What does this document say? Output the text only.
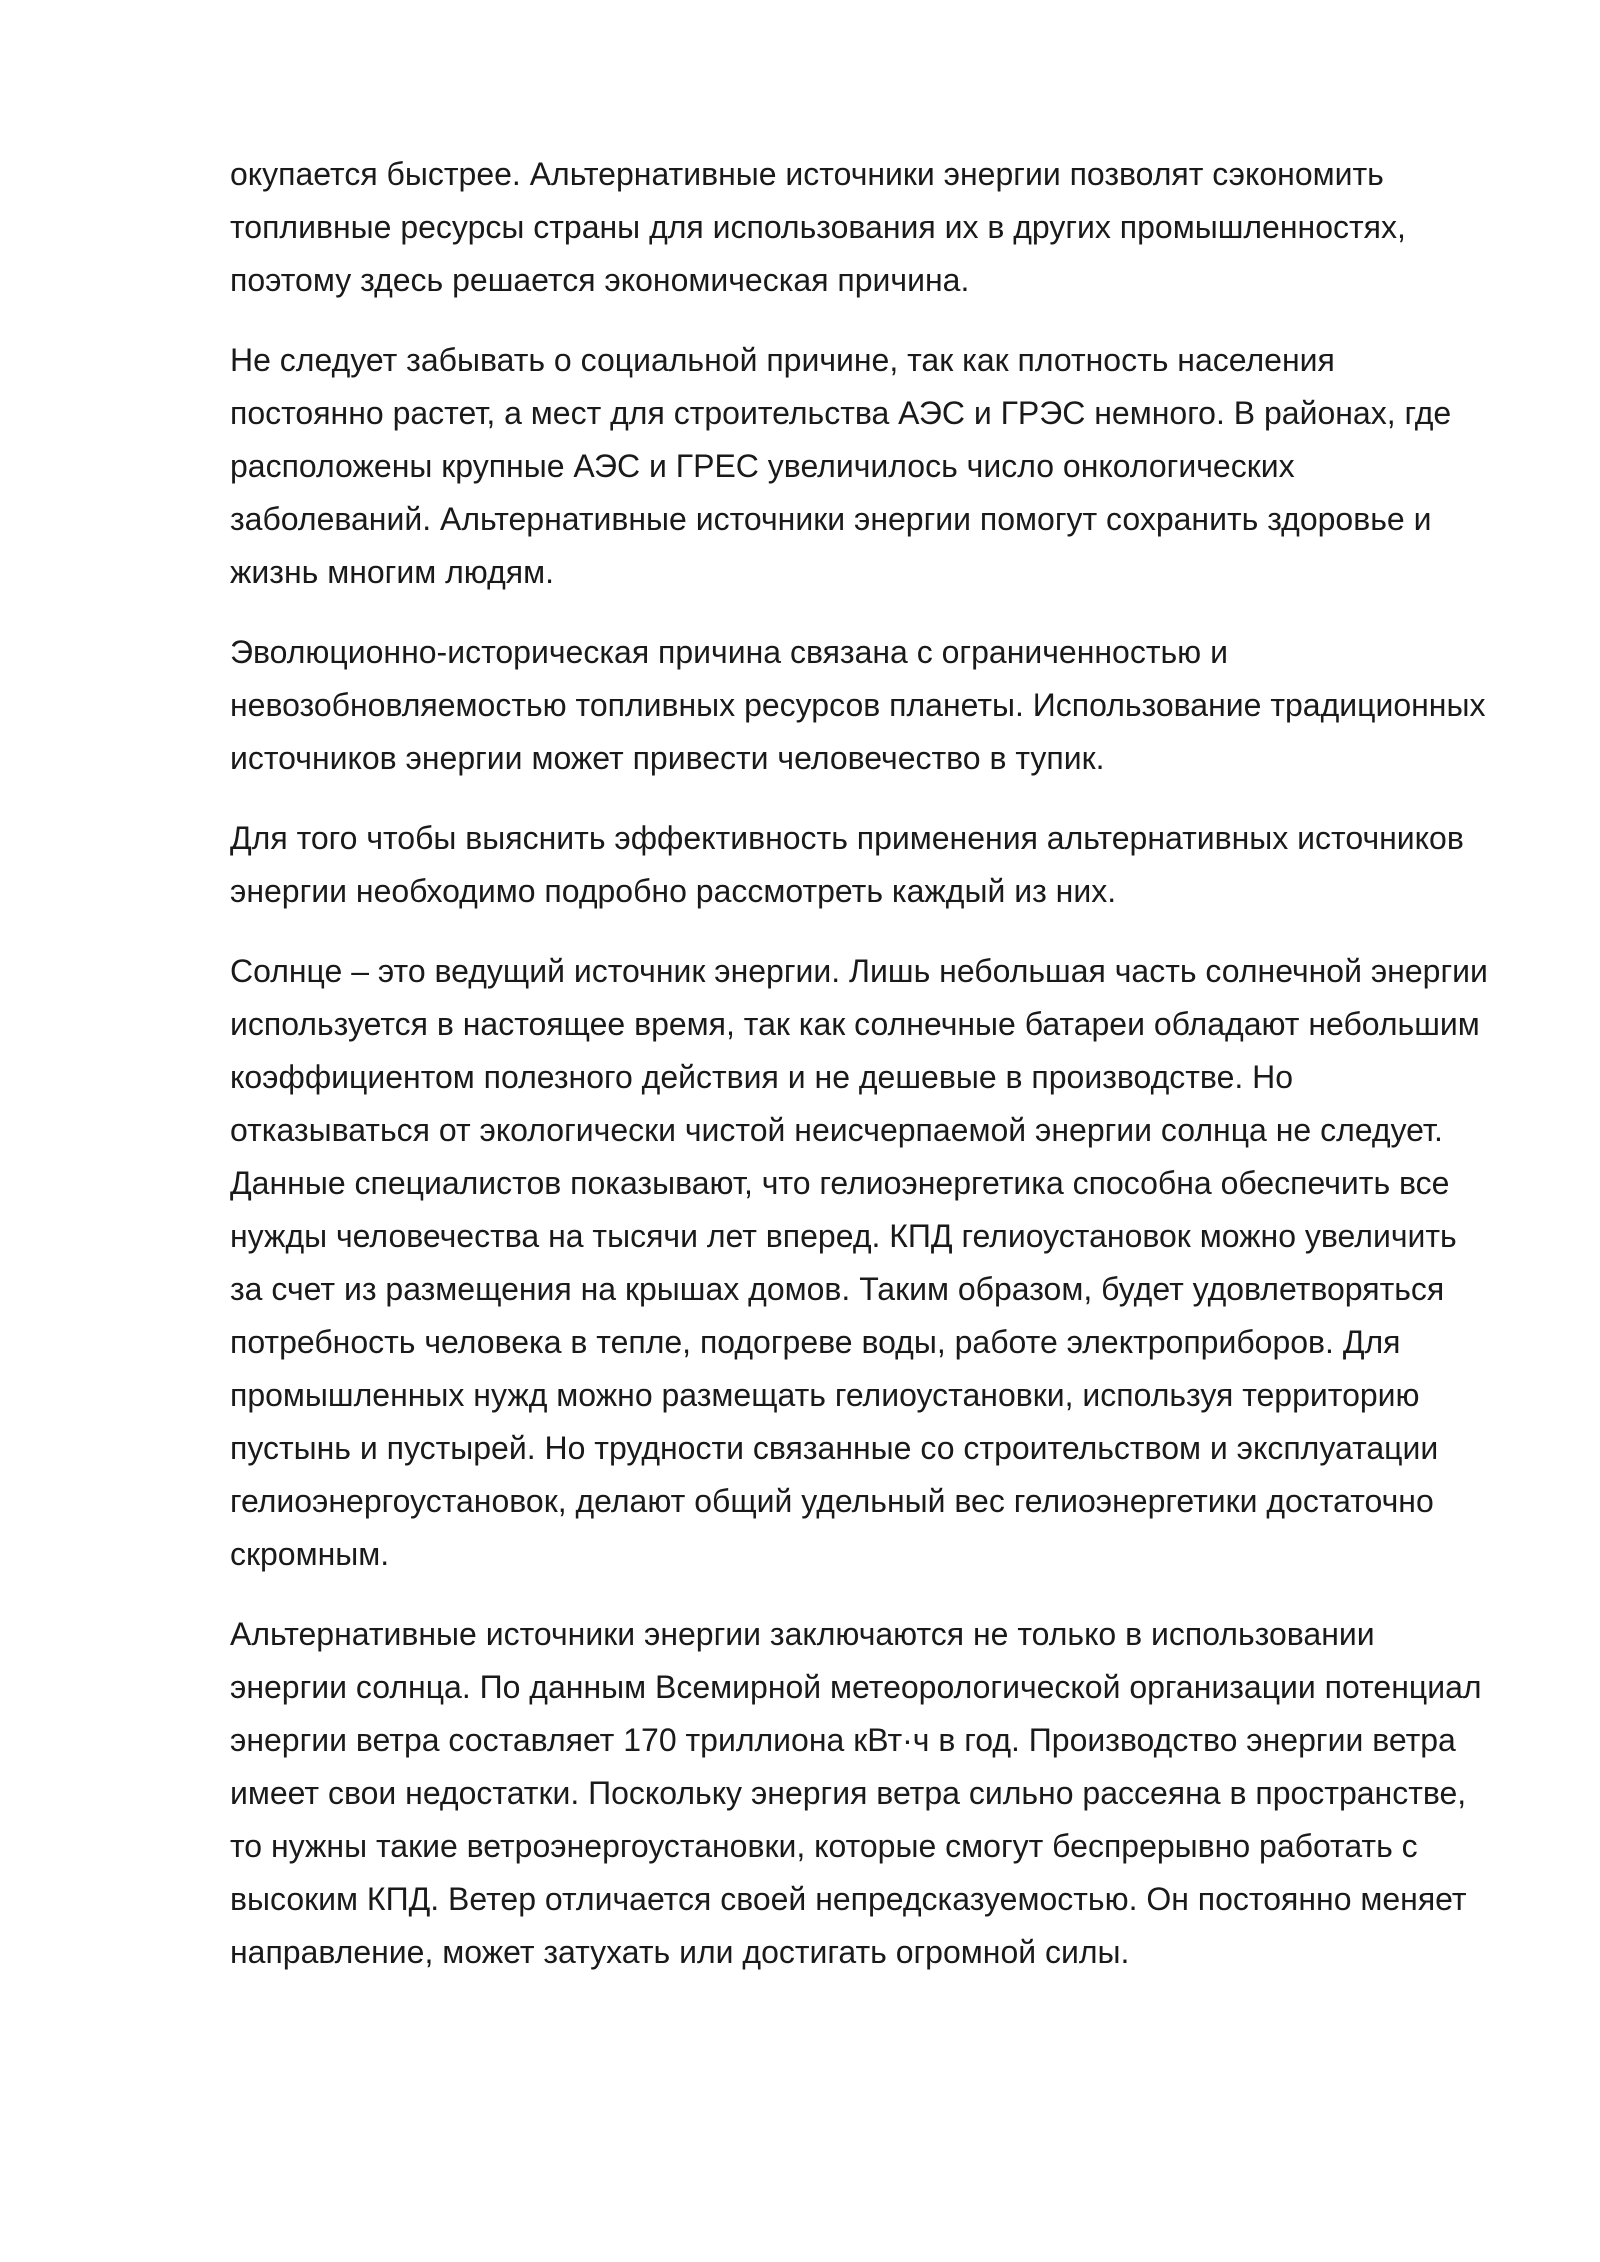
окупается быстрее. Альтернативные источники энергии позволят сэкономить топливные ресурсы страны для использования их в других промышленностях, поэтому здесь решается экономическая причина.

Не следует забывать о социальной причине, так как плотность населения постоянно растет, а мест для строительства АЭС и ГРЭС немного. В районах, где расположены крупные АЭС и ГРЕС увеличилось число онкологических заболеваний. Альтернативные источники энергии помогут сохранить здоровье и жизнь многим людям.

Эволюционно-историческая причина связана с ограниченностью и невозобновляемостью топливных ресурсов планеты. Использование традиционных источников энергии может привести человечество в тупик.

Для того чтобы выяснить эффективность применения альтернативных источников энергии необходимо подробно рассмотреть каждый из них.

Солнце – это ведущий источник энергии. Лишь небольшая часть солнечной энергии используется в настоящее время, так как солнечные батареи обладают небольшим коэффициентом полезного действия и не дешевые в производстве. Но отказываться от экологически чистой неисчерпаемой энергии солнца не следует. Данные специалистов показывают, что гелиоэнергетика способна обеспечить все нужды человечества на тысячи лет вперед. КПД гелиоустановок можно увеличить за счет из размещения на крышах домов. Таким образом, будет удовлетворяться потребность человека в тепле, подогреве воды, работе электроприборов. Для промышленных нужд можно размещать гелиоустановки, используя территорию пустынь и пустырей. Но трудности связанные со строительством и эксплуатации гелиоэнергоустановок, делают общий удельный вес гелиоэнергетики достаточно скромным.

Альтернативные источники энергии заключаются не только в использовании энергии солнца. По данным Всемирной метеорологической организации потенциал энергии ветра составляет 170 триллиона кВт·ч в год. Производство энергии ветра имеет свои недостатки. Поскольку энергия ветра сильно рассеяна в пространстве, то нужны такие ветроэнергоустановки, которые смогут беспрерывно работать с высоким КПД. Ветер отличается своей непредсказуемостью. Он постоянно меняет направление, может затухать или достигать огромной силы.
